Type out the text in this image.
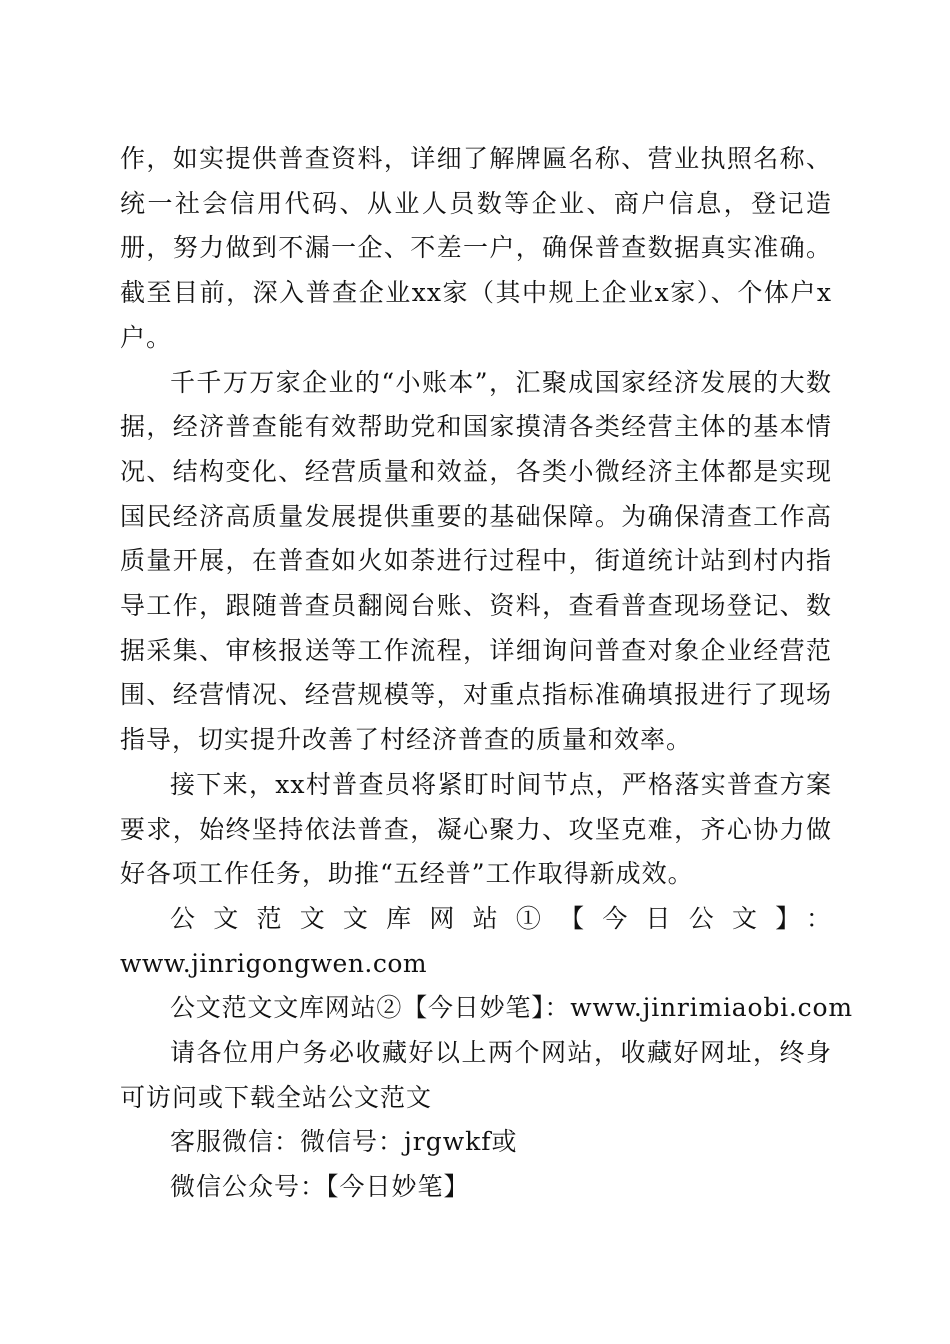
作，如实提供普查资料，详细了解牌匾名称、营业执照名称、统一社会信用代码、从业人员数等企业、商户信息，登记造册，努力做到不漏一企、不差一户，确保普查数据真实准确。截至目前，深入普查企业xx家（其中规上企业x家）、个体户x户。

千千万万家企业的“小账本”，汇聚成国家经济发展的大数据，经济普查能有效帮助党和国家摸清各类经营主体的基本情况、结构变化、经营质量和效益，各类小微经济主体都是实现国民经济高质量发展提供重要的基础保障。为确保清查工作高质量开展，在普查如火如荼进行过程中，街道统计站到村内指导工作，跟随普查员翻阅台账、资料，查看普查现场登记、数据采集、审核报送等工作流程，详细询问普查对象企业经营范围、经营情况、经营规模等，对重点指标准确填报进行了现场指导，切实提升改善了村经济普查的质量和效率。

接下来，xx村普查员将紧盯时间节点，严格落实普查方案要求，始终坚持依法普查，凝心聚力、攻坚克难，齐心协力做好各项工作任务，助推“五经普”工作取得新成效。

公文范文文库网站①【今日公文】：

www.jinrigongwen.com

公文范文文库网站②【今日妙笔】：www.jinrimiaobi.com

请各位用户务必收藏好以上两个网站，收藏好网址，终身可访问或下载全站公文范文

客服微信：微信号：jrgwkf或

微信公众号：【今日妙笔】
